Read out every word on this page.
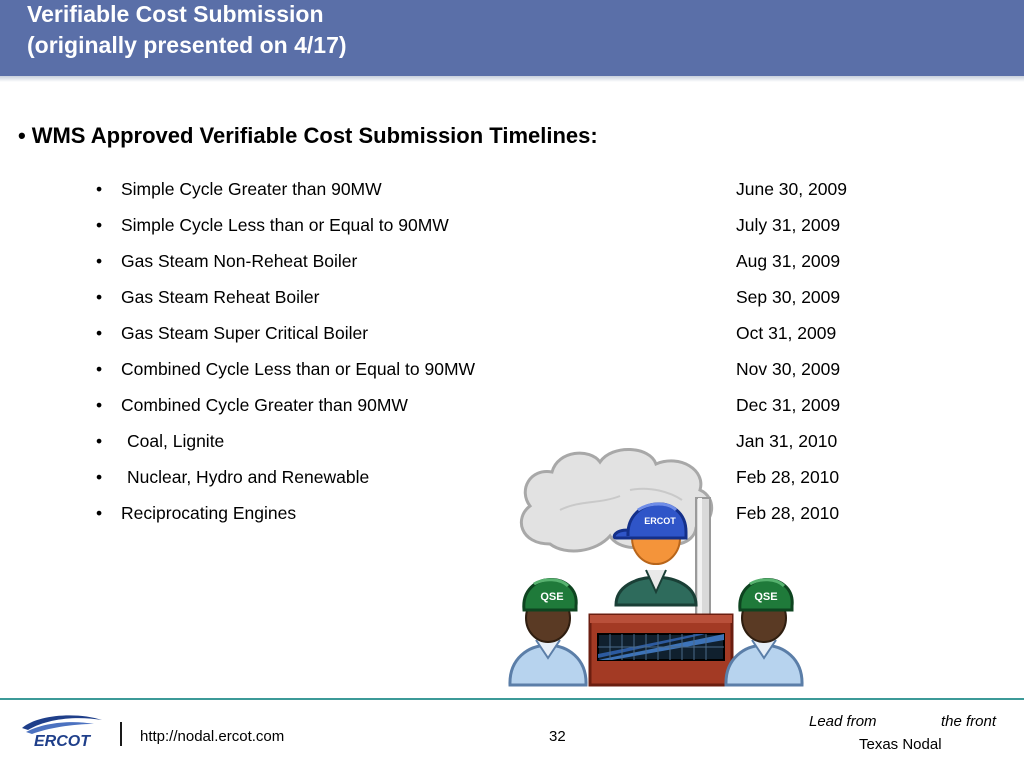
Verifiable Cost Submission
(originally presented on 4/17)
• WMS Approved Verifiable Cost Submission Timelines:
• Simple Cycle Greater than 90MW	June 30, 2009
• Simple Cycle Less than or Equal to 90MW	July 31, 2009
• Gas Steam Non-Reheat Boiler	Aug 31, 2009
• Gas Steam Reheat Boiler	Sep 30, 2009
• Gas Steam Super Critical Boiler	Oct 31, 2009
• Combined Cycle Less than or Equal to 90MW	Nov 30, 2009
• Combined Cycle Greater than 90MW	Dec 31, 2009
• Coal, Lignite	Jan 31, 2010
• Nuclear, Hydro and Renewable	Feb 28, 2010
ERCOT
QSE	QSE
• Reciprocating Engines	Feb 28, 2010
ERCOT	http://nodal.ercot.com	32
Lead from	the front
Texas Nodal
